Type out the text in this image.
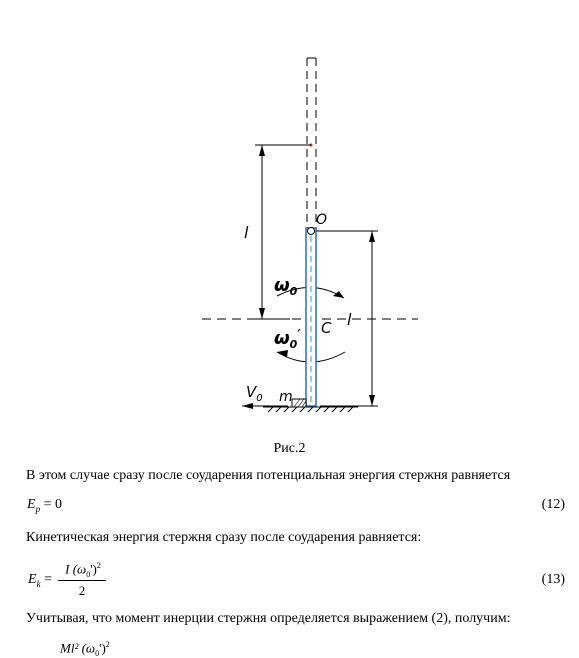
O
l
l
$\omega_0$
$\omega_0'$ C
m
$V_0$
Рис.2
В этом случае сразу после соударения потенциальная энергия стержня равняется
$E_p = 0$	(12)
Кинетическая энергия стержня сразу после соударения равняется:
$E_k$ =
I $(\omega_0')^2$
2
(13)
Учитывая, что момент инерции стержня определяется выражением (2), получим:
Ml² $(\omega_0')^2$
